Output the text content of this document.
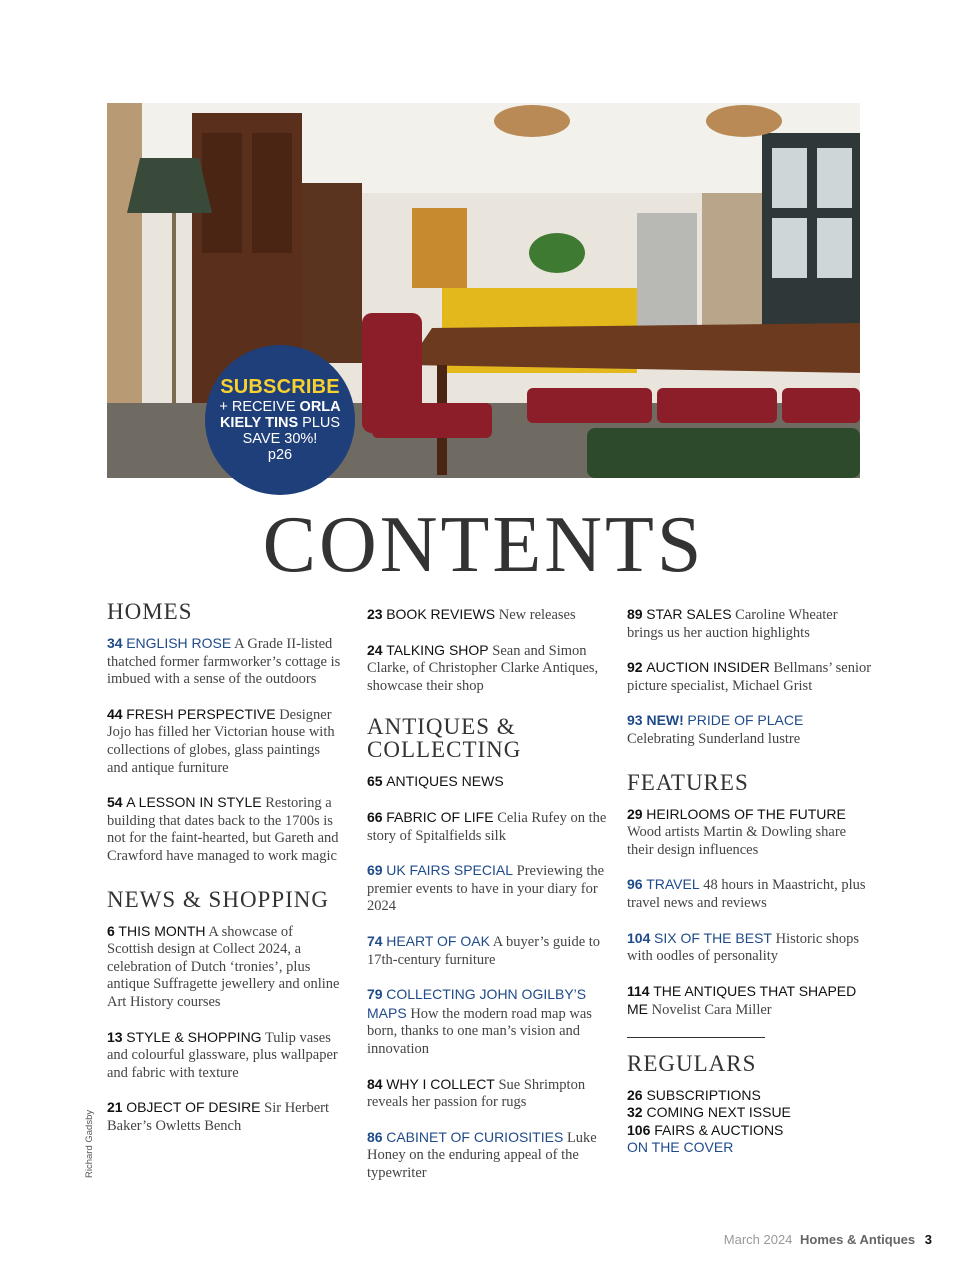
SUBSCRIBE
+ RECEIVE ORLA
KIELY TINS PLUS
SAVE 30%!
p26
CONTENTS
HOMES
34 ENGLISH ROSE A Grade II-listed thatched former farmworker’s cottage is imbued with a sense of the outdoors
44 FRESH PERSPECTIVE Designer Jojo has filled her Victorian house with collections of globes, glass paintings and antique furniture
54 A LESSON IN STYLE Restoring a building that dates back to the 1700s is not for the faint-hearted, but Gareth and Crawford have managed to work magic
NEWS & SHOPPING
6 THIS MONTH A showcase of Scottish design at Collect 2024, a celebration of Dutch ‘tronies’, plus antique Suffragette jewellery and online Art History courses
13 STYLE & SHOPPING Tulip vases and colourful glassware, plus wallpaper and fabric with texture
21 OBJECT OF DESIRE Sir Herbert Baker’s Owletts Bench
23 BOOK REVIEWS New releases
24 TALKING SHOP Sean and Simon Clarke, of Christopher Clarke Antiques, showcase their shop
ANTIQUES &
COLLECTING
65 ANTIQUES NEWS
66 FABRIC OF LIFE Celia Rufey on the story of Spitalfields silk
69 UK FAIRS SPECIAL Previewing the premier events to have in your diary for 2024
74 HEART OF OAK A buyer’s guide to 17th-century furniture
79 COLLECTING JOHN OGILBY’S MAPS How the modern road map was born, thanks to one man’s vision and innovation
84 WHY I COLLECT Sue Shrimpton reveals her passion for rugs
86 CABINET OF CURIOSITIES Luke Honey on the enduring appeal of the typewriter
89 STAR SALES Caroline Wheater brings us her auction highlights
92 AUCTION INSIDER Bellmans’ senior picture specialist, Michael Grist
93 NEW! PRIDE OF PLACE Celebrating Sunderland lustre
FEATURES
29 HEIRLOOMS OF THE FUTURE Wood artists Martin & Dowling share their design influences
96 TRAVEL 48 hours in Maastricht, plus travel news and reviews
104 SIX OF THE BEST Historic shops with oodles of personality
114 THE ANTIQUES THAT SHAPED ME Novelist Cara Miller
REGULARS
26 SUBSCRIPTIONS
32 COMING NEXT ISSUE
106 FAIRS & AUCTIONS
ON THE COVER
Richard Gadsby
March 2024 Homes & Antiques 3
